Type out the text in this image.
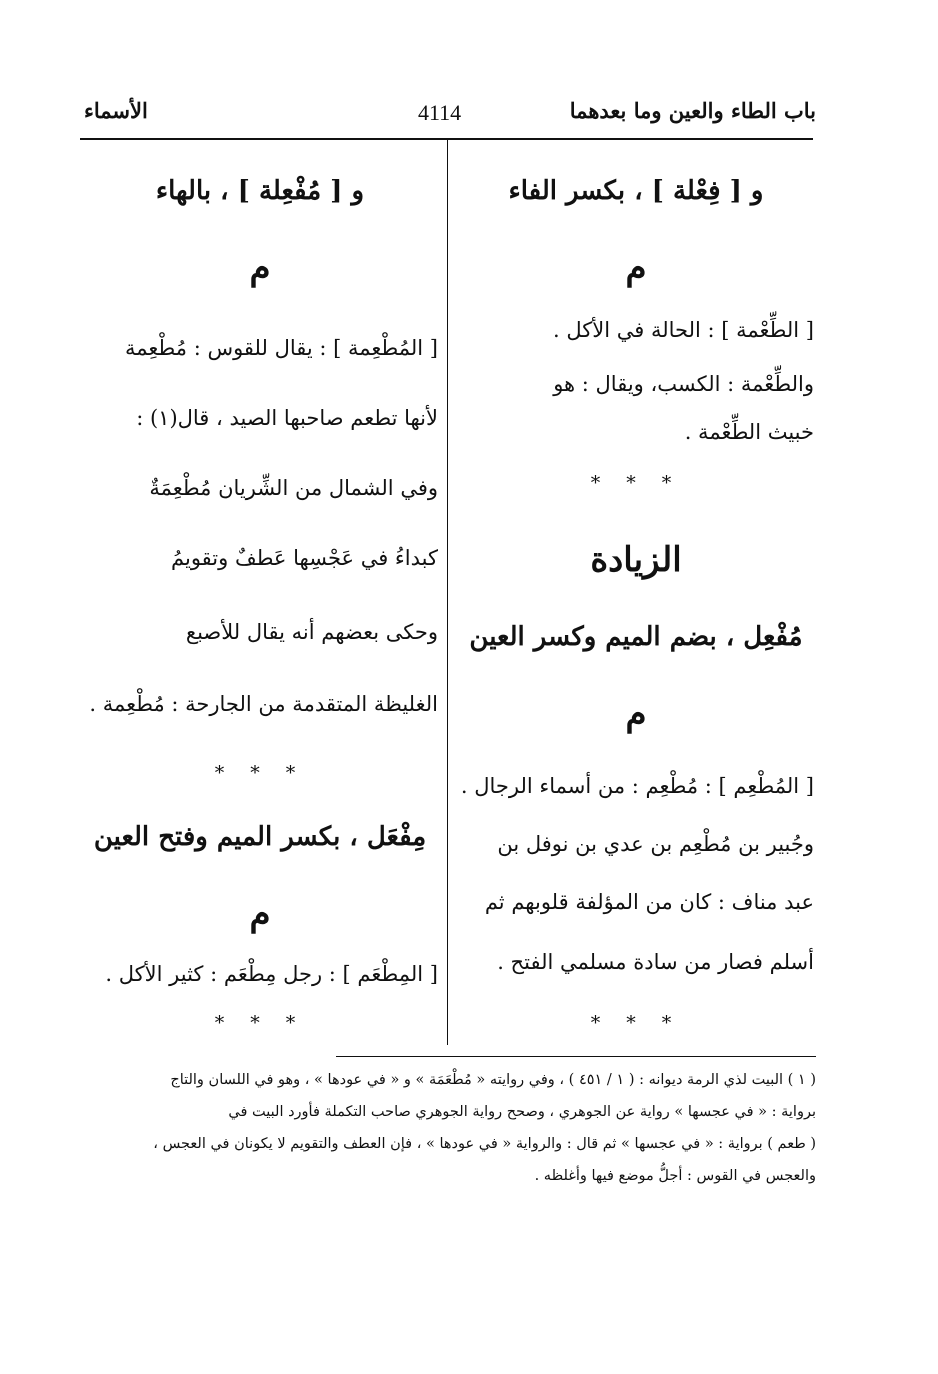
باب الطاء والعين وما بعدهما
4114
الأسماء
و [ فِعْلة ] ، بكسر الفاء
م
[ الطِّعْمة ] : الحالة في الأكل .
والطِّعْمة : الكسب، ويقال : هو
خبيث الطِّعْمة .
* * *
الزيادة
مُفْعِل ، بضم الميم وكسر العين
م
[ المُطْعِم ] : مُطْعِم : من أسماء الرجال .
وجُبير بن مُطْعِم بن عدي بن نوفل بن
عبد مناف : كان من المؤلفة قلوبهم ثم
أسلم فصار من سادة مسلمي الفتح .
* * *
و [ مُفْعِلة ] ، بالهاء
م
[ المُطْعِمة ] : يقال للقوس : مُطْعِمة
لأنها تطعم صاحبها الصيد ، قال(١) :
وفي الشمال من الشِّريان مُطْعِمَةٌ
كبداءُ في عَجْسِها عَطفٌ وتقويمُ
وحكى بعضهم أنه يقال للأصبع
الغليظة المتقدمة من الجارحة : مُطْعِمة .
* * *
مِفْعَل ، بكسر الميم وفتح العين
م
[ المِطْعَم ] : رجل مِطْعَم : كثير الأكل .
* * *
( ١ ) البيت لذي الرمة ديوانه : ( ١ / ٤٥١ ) ، وفي روايته « مُطْعَمَة » و « في عودها » ، وهو في اللسان والتاج
برواية : « في عجسها » رواية عن الجوهري ، وصحح رواية الجوهري صاحب التكملة فأورد البيت في
( طعم ) برواية : « في عجسها » ثم قال : والرواية « في عودها » ، فإن العطف والتقويم لا يكونان في العجس ،
والعجس في القوس : أجلُّ موضع فيها وأغلظه .
